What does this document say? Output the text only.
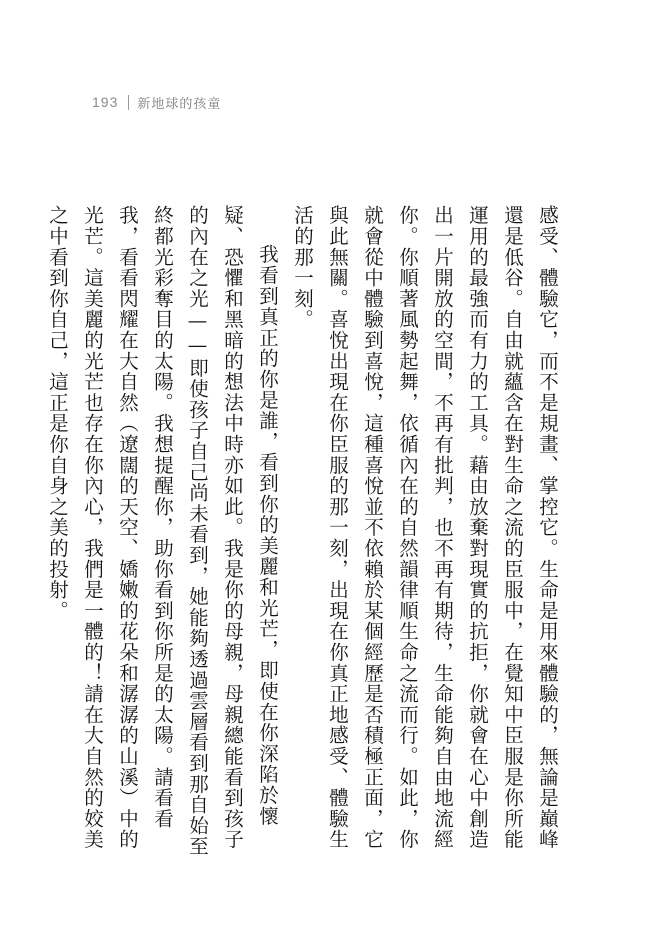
193 新地球的孩童

感受、體驗它，而不是規畫、掌控它。生命是用來體驗的，無論是巔峰還是低谷。自由就蘊含在對生命之流的臣服中，在覺知中臣服是你所能運用的最強而有力的工具。藉由放棄對現實的抗拒，你就會在心中創造出一片開放的空間，不再有批判，也不再有期待，生命能夠自由地流經你。你順著風勢起舞，依循內在的自然韻律順生命之流而行。如此，你就會從中體驗到喜悅，這種喜悅並不依賴於某個經歷是否積極正面，它與此無關。喜悅出現在你臣服的那一刻，出現在你真正地感受、體驗生活的那一刻。

我看到真正的你是誰，看到你的美麗和光芒，即使在你深陷於懷疑、恐懼和黑暗的想法中時亦如此。我是你的母親，母親總能看到孩子的內在之光——即使孩子自己尚未看到，她能夠透過雲層看到那自始至終都光彩奪目的太陽。我想提醒你，助你看到你所是的太陽。請看看我，看看閃耀在大自然（遼闊的天空、嬌嫩的花朵和潺潺的山溪）中的光芒。這美麗的光芒也存在你內心，我們是一體的！請在大自然的姣美之中看到你自己，這正是你自身之美的投射。
